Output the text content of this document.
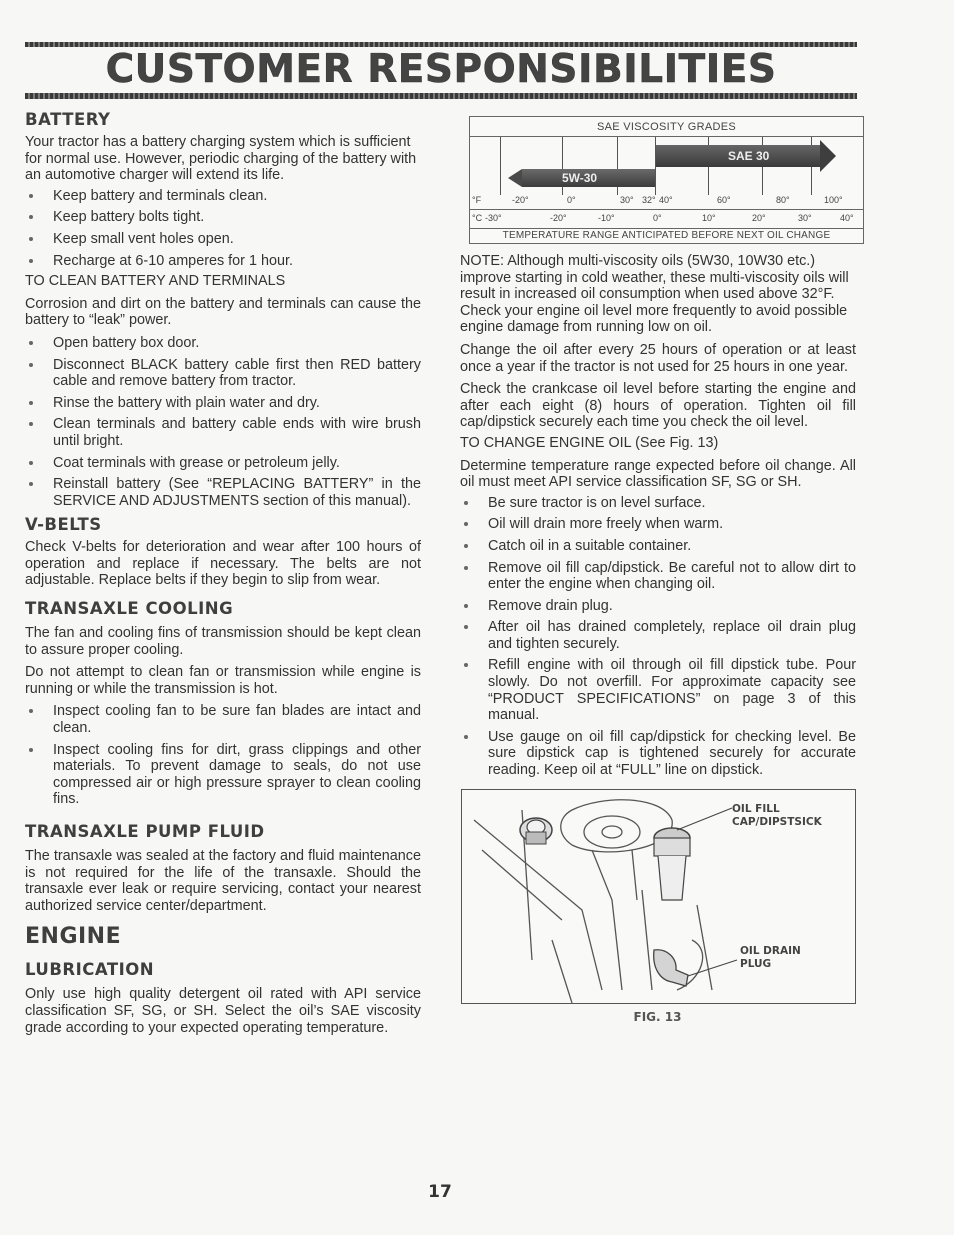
CUSTOMER RESPONSIBILITIES
BATTERY

Your tractor has a battery charging system which is sufficient for normal use. However, periodic charging of the battery with an automotive charger will extend its life.

Keep battery and terminals clean.
Keep battery bolts tight.
Keep small vent holes open.
Recharge at 6-10 amperes for 1 hour.

TO CLEAN BATTERY AND TERMINALS

Corrosion and dirt on the battery and terminals can cause the battery to “leak” power.

Open battery box door.
Disconnect BLACK battery cable first then RED battery cable and remove battery from tractor.
Rinse the battery with plain water and dry.
Clean terminals and battery cable ends with wire brush until bright.
Coat terminals with grease or petroleum jelly.
Reinstall battery (See “REPLACING BATTERY” in the SERVICE AND ADJUSTMENTS section of this manual).
V-BELTS

Check V-belts for deterioration and wear after 100 hours of operation and replace if necessary. The belts are not adjustable. Replace belts if they begin to slip from wear.

TRANSAXLE COOLING

The fan and cooling fins of transmission should be kept clean to assure proper cooling.

Do not attempt to clean fan or transmission while engine is running or while the transmission is hot.

Inspect cooling fan to be sure fan blades are intact and clean.
Inspect cooling fins for dirt, grass clippings and other materials. To prevent damage to seals, do not use compressed air or high pressure sprayer to clean cooling fins.
TRANSAXLE PUMP FLUID

The transaxle was sealed at the factory and fluid maintenance is not required for the life of the transaxle. Should the transaxle ever leak or require servicing, contact your nearest authorized service center/department.

ENGINE
LUBRICATION

Only use high quality detergent oil rated with API service classification SF, SG, or SH. Select the oil’s SAE viscosity grade according to your expected operating temperature.

SAE VISCOSITY GRADES
SAE 30
5W-30
°F	-20°	0°	30° 32° 40°	60°	80°	100°
°C -30°	-20°	-10°	0°	10°	20°	30°	40°
TEMPERATURE RANGE ANTICIPATED BEFORE NEXT OIL CHANGE

NOTE: Although multi-viscosity oils (5W30, 10W30 etc.) improve starting in cold weather, these multi-viscosity oils will result in increased oil consumption when used above 32°F. Check your engine oil level more frequently to avoid possible engine damage from running low on oil.

Change the oil after every 25 hours of operation or at least once a year if the tractor is not used for 25 hours in one year.

Check the crankcase oil level before starting the engine and after each eight (8) hours of operation. Tighten oil fill cap/dipstick securely each time you check the oil level.

TO CHANGE ENGINE OIL (See Fig. 13)

Determine temperature range expected before oil change. All oil must meet API service classification SF, SG or SH.

Be sure tractor is on level surface.
Oil will drain more freely when warm.
Catch oil in a suitable container.
Remove oil fill cap/dipstick. Be careful not to allow dirt to enter the engine when changing oil.
Remove drain plug.
After oil has drained completely, replace oil drain plug and tighten securely.
Refill engine with oil through oil fill dipstick tube. Pour slowly. Do not overfill. For approximate capacity see “PRODUCT SPECIFICATIONS” on page 3 of this manual.
Use gauge on oil fill cap/dipstick for checking level. Be sure dipstick cap is tightened securely for accurate reading. Keep oil at “FULL” line on dipstick.
OIL FILL
CAP/DIPSTSICK
OIL DRAIN
PLUG
FIG. 13
17
